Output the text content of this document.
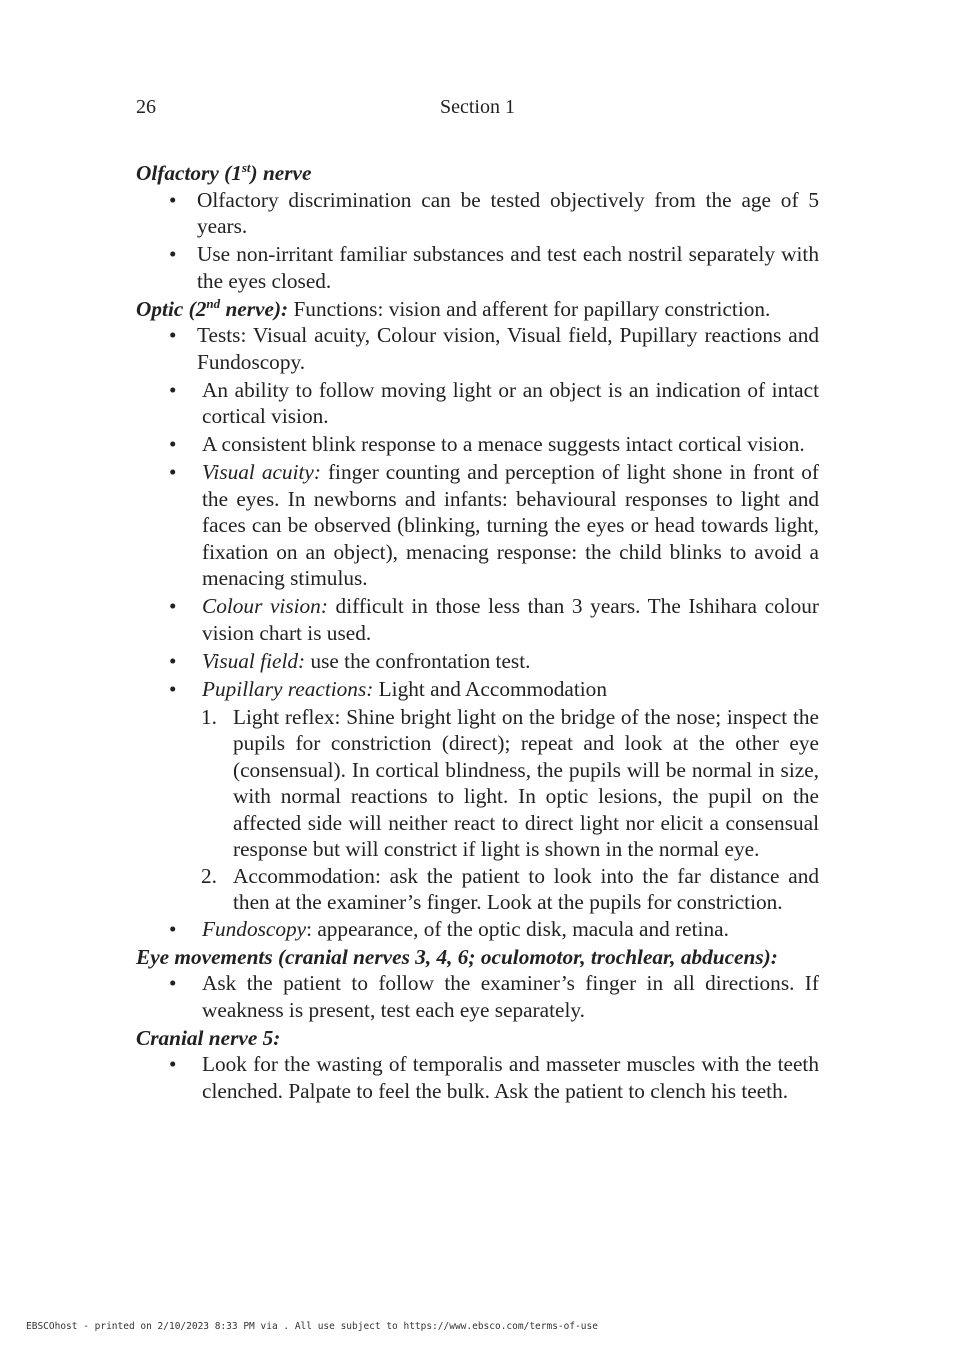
26	Section 1

Olfactory (1st) nerve

• Olfactory discrimination can be tested objectively from the age of 5 years.
• Use non-irritant familiar substances and test each nostril separately with the eyes closed.

Optic (2nd nerve): Functions: vision and afferent for papillary constriction.

• Tests: Visual acuity, Colour vision, Visual field, Pupillary reactions and Fundoscopy.
• An ability to follow moving light or an object is an indication of intact cortical vision.
• A consistent blink response to a menace suggests intact cortical vision.
• Visual acuity: finger counting and perception of light shone in front of the eyes. In newborns and infants: behavioural responses to light and faces can be observed (blinking, turning the eyes or head towards light, fixation on an object), menacing response: the child blinks to avoid a menacing stimulus.
• Colour vision: difficult in those less than 3 years. The Ishihara colour vision chart is used.
• Visual field: use the confrontation test.
• Pupillary reactions: Light and Accommodation
1. Light reflex: Shine bright light on the bridge of the nose; inspect the pupils for constriction (direct); repeat and look at the other eye (consensual). In cortical blindness, the pupils will be normal in size, with normal reactions to light. In optic lesions, the pupil on the affected side will neither react to direct light nor elicit a consensual response but will constrict if light is shown in the normal eye.
2. Accommodation: ask the patient to look into the far distance and then at the examiner’s finger. Look at the pupils for constriction.
• Fundoscopy: appearance, of the optic disk, macula and retina.

Eye movements (cranial nerves 3, 4, 6; oculomotor, trochlear, abducens):

• Ask the patient to follow the examiner’s finger in all directions. If weakness is present, test each eye separately.

Cranial nerve 5:

• Look for the wasting of temporalis and masseter muscles with the teeth clenched. Palpate to feel the bulk. Ask the patient to clench his teeth.
EBSCOhost - printed on 2/10/2023 8:33 PM via . All use subject to https://www.ebsco.com/terms-of-use
